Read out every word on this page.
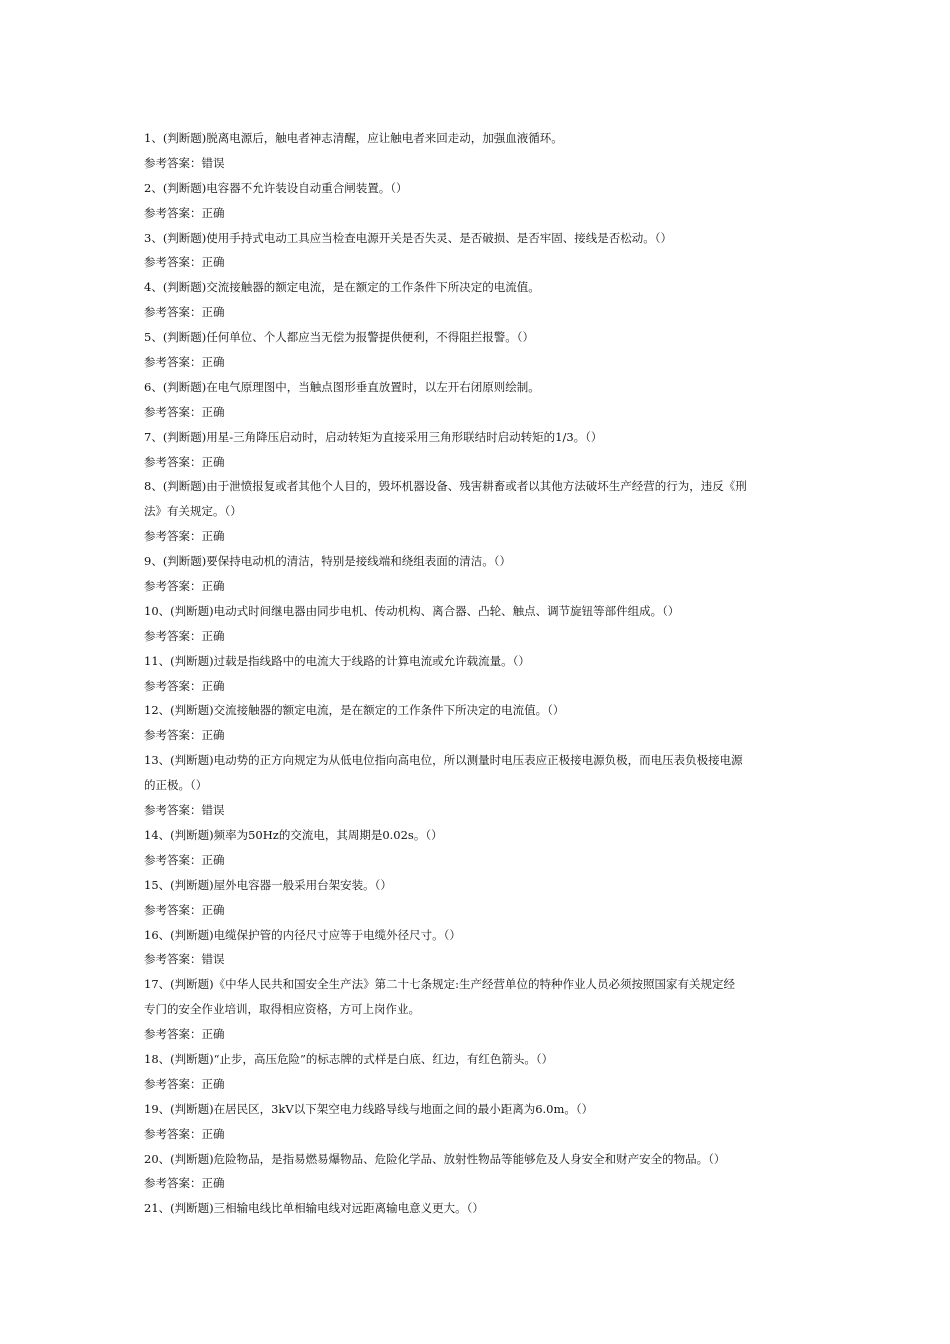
1、(判断题)脱离电源后，触电者神志清醒，应让触电者来回走动，加强血液循环。
参考答案：错误
2、(判断题)电容器不允许装设自动重合闸装置。（）
参考答案：正确
3、(判断题)使用手持式电动工具应当检查电源开关是否失灵、是否破损、是否牢固、接线是否松动。（）
参考答案：正确
4、(判断题)交流接触器的额定电流，是在额定的工作条件下所决定的电流值。
参考答案：正确
5、(判断题)任何单位、个人都应当无偿为报警提供便利，不得阻拦报警。（）
参考答案：正确
6、(判断题)在电气原理图中，当触点图形垂直放置时，以左开右闭原则绘制。
参考答案：正确
7、(判断题)用星-三角降压启动时，启动转矩为直接采用三角形联结时启动转矩的1/3。（）
参考答案：正确
8、(判断题)由于泄愤报复或者其他个人目的，毁坏机器设备、残害耕畜或者以其他方法破坏生产经营的行为，违反《刑
法》有关规定。（）
参考答案：正确
9、(判断题)要保持电动机的清洁，特别是接线端和绕组表面的清洁。（）
参考答案：正确
10、(判断题)电动式时间继电器由同步电机、传动机构、离合器、凸轮、触点、调节旋钮等部件组成。（）
参考答案：正确
11、(判断题)过载是指线路中的电流大于线路的计算电流或允许载流量。（）
参考答案：正确
12、(判断题)交流接触器的额定电流，是在额定的工作条件下所决定的电流值。（）
参考答案：正确
13、(判断题)电动势的正方向规定为从低电位指向高电位，所以测量时电压表应正极接电源负极，而电压表负极接电源
的正极。（）
参考答案：错误
14、(判断题)频率为50Hz的交流电，其周期是0.02s。（）
参考答案：正确
15、(判断题)屋外电容器一般采用台架安装。（）
参考答案：正确
16、(判断题)电缆保护管的内径尺寸应等于电缆外径尺寸。（）
参考答案：错误
17、(判断题)《中华人民共和国安全生产法》第二十七条规定:生产经营单位的特种作业人员必须按照国家有关规定经
专门的安全作业培训，取得相应资格，方可上岗作业。
参考答案：正确
18、(判断题)“止步，高压危险”的标志牌的式样是白底、红边，有红色箭头。（）
参考答案：正确
19、(判断题)在居民区，3kV以下架空电力线路导线与地面之间的最小距离为6.0m。（）
参考答案：正确
20、(判断题)危险物品，是指易燃易爆物品、危险化学品、放射性物品等能够危及人身安全和财产安全的物品。（）
参考答案：正确
21、(判断题)三相输电线比单相输电线对远距离输电意义更大。（）
